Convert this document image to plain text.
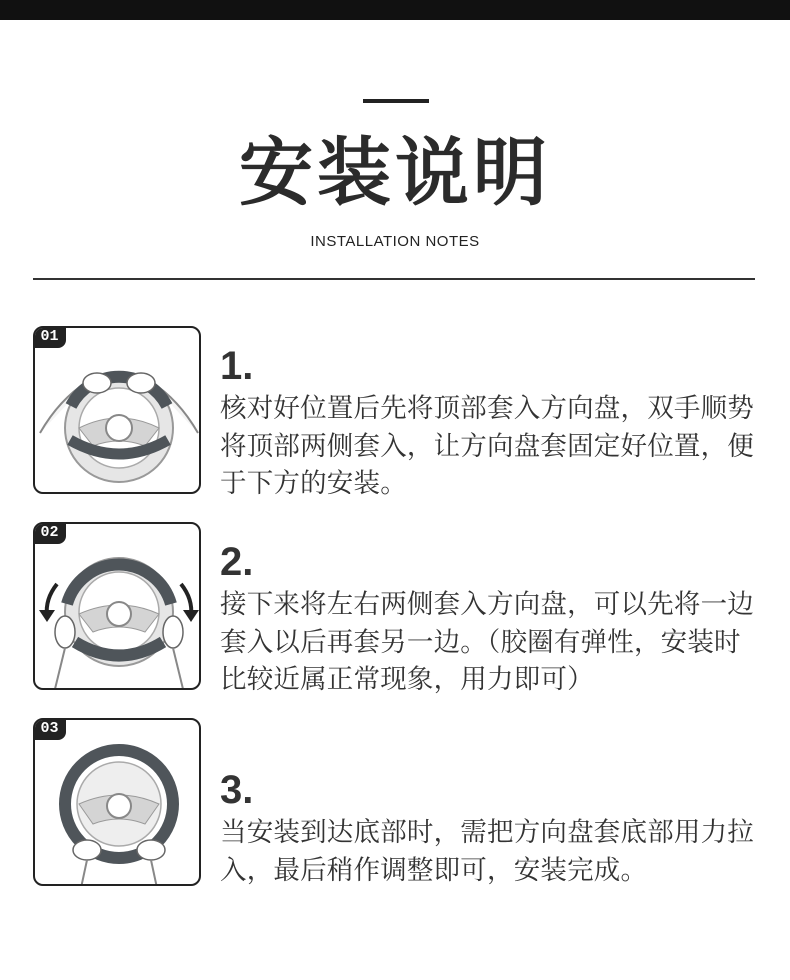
安装说明
INSTALLATION NOTES
01
1.

核对好位置后先将顶部套入方向盘，双手顺势将顶部两侧套入，让方向盘套固定好位置，便于下方的安装。

02
2.

接下来将左右两侧套入方向盘，可以先将一边套入以后再套另一边。（胶圈有弹性，安装时比较近属正常现象，用力即可）

03
3.

当安装到达底部时，需把方向盘套底部用力拉入，最后稍作调整即可，安装完成。
